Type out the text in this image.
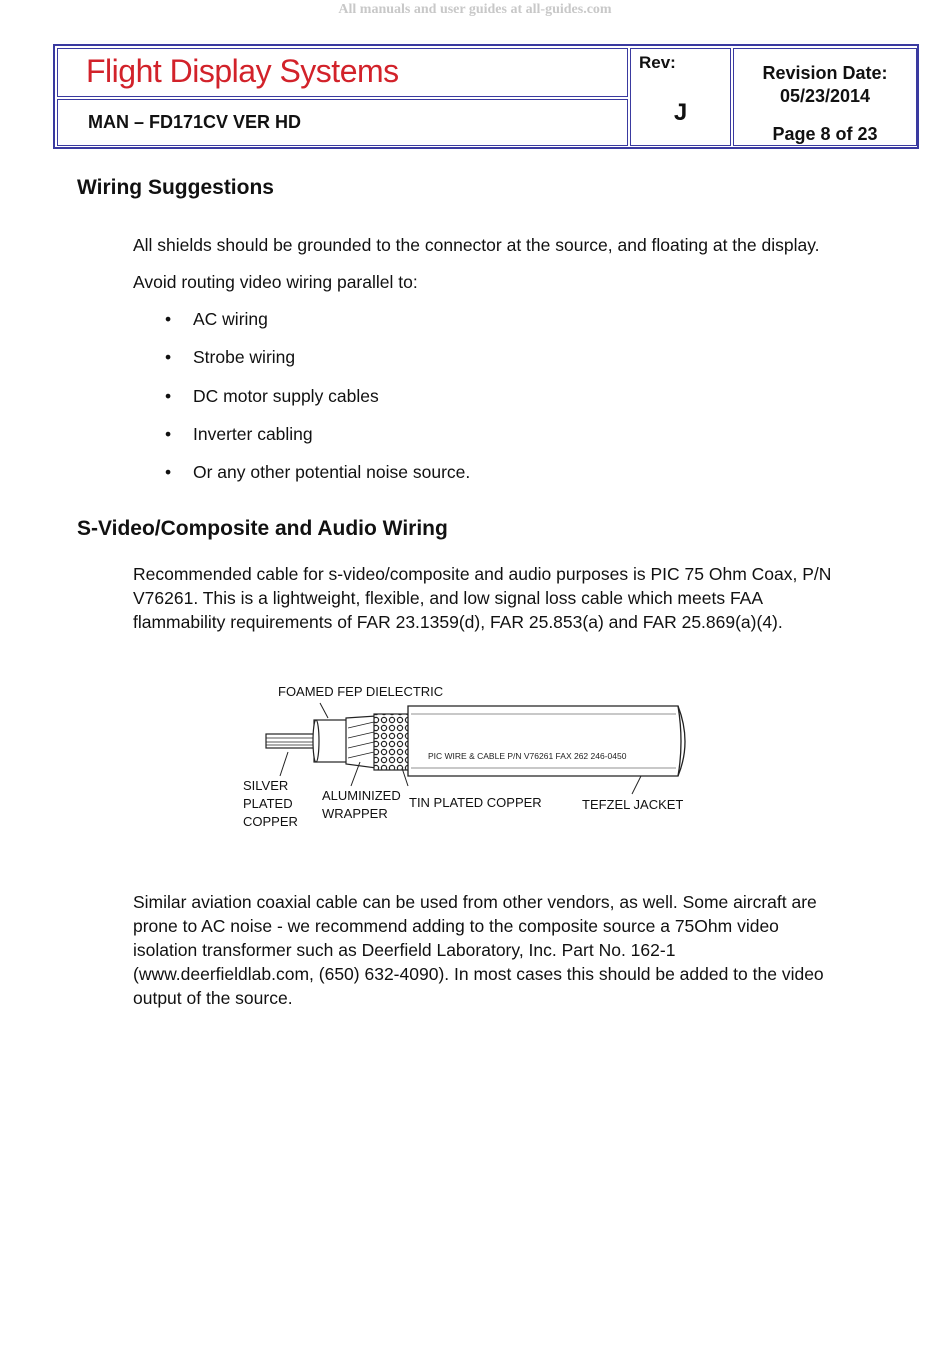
All manuals and user guides at all-guides.com
Flight Display Systems
MAN – FD171CV VER HD
Rev:
J
Revision Date:
05/23/2014
Page 8 of 23
Wiring Suggestions
All shields should be grounded to the connector at the source, and floating at the display.
Avoid routing video wiring parallel to:
• AC wiring
• Strobe wiring
• DC motor supply cables
• Inverter cabling
• Or any other potential noise source.
S-Video/Composite and Audio Wiring
Recommended cable for s-video/composite and audio purposes is PIC 75 Ohm Coax, P/N
V76261. This is a lightweight, flexible, and low signal loss cable which meets FAA
flammability requirements of FAR 23.1359(d), FAR 25.853(a) and FAR 25.869(a)(4).
PIC WIRE & CABLE P/N V76261 FAX 262 246-0450
FOAMED FEP DIELECTRIC
SILVER
PLATED
COPPER
ALUMINIZED
WRAPPER
TIN PLATED COPPER	TEFZEL JACKET
Similar aviation coaxial cable can be used from other vendors, as well. Some aircraft are
prone to AC noise - we recommend adding to the composite source a 75Ohm video
isolation transformer such as Deerfield Laboratory, Inc. Part No. 162-1
(www.deerfieldlab.com, (650) 632-4090). In most cases this should be added to the video
output of the source.
